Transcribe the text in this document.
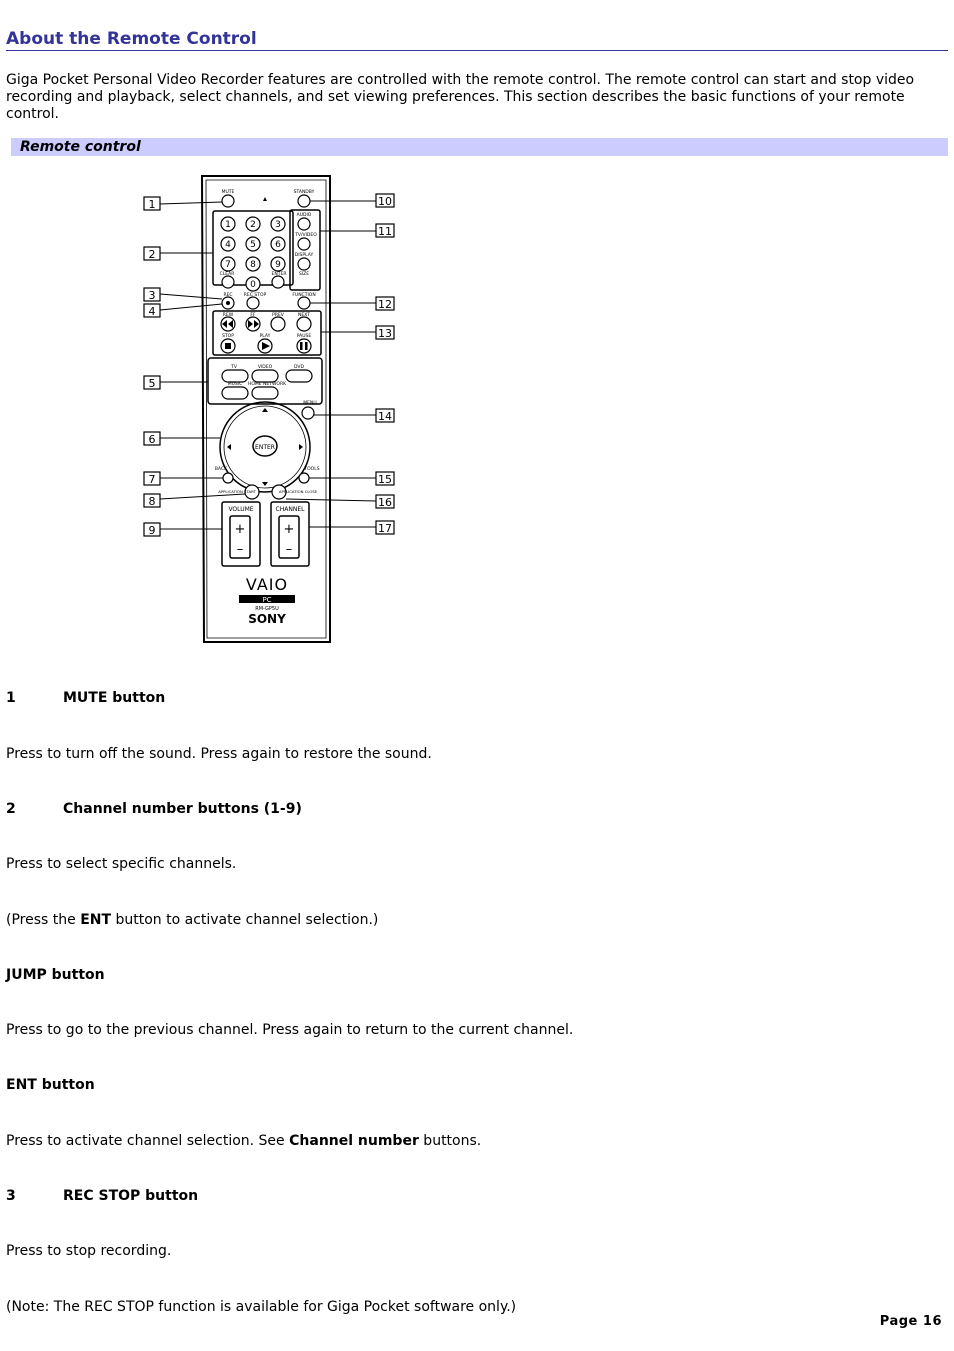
About the Remote Control
Giga Pocket Personal Video Recorder features are controlled with the remote control. The remote control can start and stop video recording and playback, select channels, and set viewing preferences. This section describes the basic functions of your remote control.
Remote control
1 2 3
4 5 6
7 8 9
0
MUTE	STANDBY
AUDIO
TV/VIDEO
DISPLAY
SIZE
CLEAR	ENTER
REC REC STOP	FUNCTION
REW	FF	PREV	NEXT
STOP	PLAY	PAUSE
TV	VIDEO	DVD
MUSIC HOME NETWORK
MENU
BACK	TOOLS
APPLICATION START	APPLICATION CLOSE
ENTER
VOLUME	CHANNEL
+
–
+
–
VAIO
PC
RM-GP5U
SONY
1
2
3
4
5
6
7
8
9
10
11
12
13
14
15
16
17
1	MUTE button
Press to turn off the sound. Press again to restore the sound.
2	Channel number buttons (1-9)
Press to select specific channels.
(Press the ENT button to activate channel selection.)
JUMP button
Press to go to the previous channel. Press again to return to the current channel.
ENT button
Press to activate channel selection. See Channel number buttons.
3	REC STOP button
Press to stop recording.
(Note: The REC STOP function is available for Giga Pocket software only.)
Page 16
